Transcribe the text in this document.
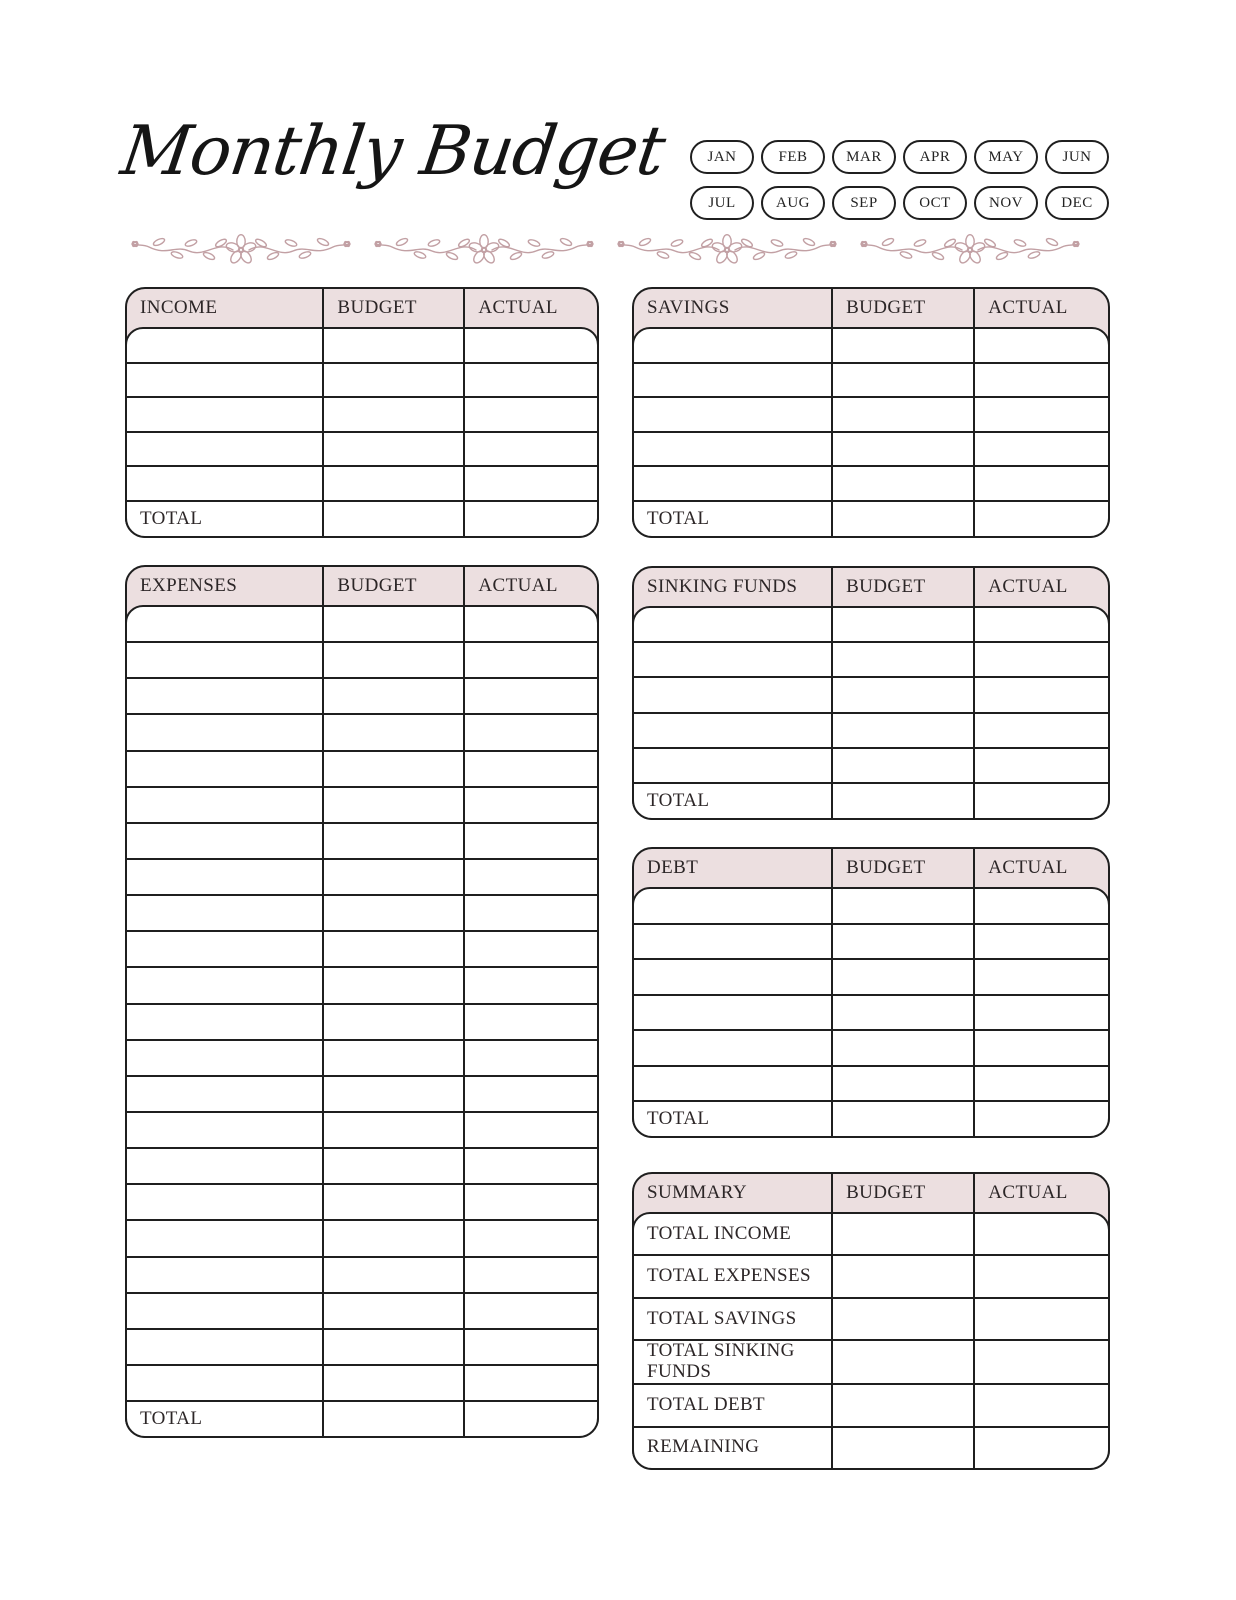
Monthly Budget	JAN	FEB	MAR	APR	MAY	JUN
JUL	AUG	SEP	OCT	NOV	DEC
INCOME	BUDGET	ACTUAL
TOTAL
EXPENSES	BUDGET	ACTUAL
TOTAL
SAVINGS	BUDGET	ACTUAL
TOTAL
SINKING FUNDS	BUDGET	ACTUAL
TOTAL
DEBT	BUDGET	ACTUAL
TOTAL
SUMMARY	BUDGET	ACTUAL
TOTAL INCOME
TOTAL EXPENSES
TOTAL SAVINGS
TOTAL SINKING FUNDS
TOTAL DEBT
REMAINING
